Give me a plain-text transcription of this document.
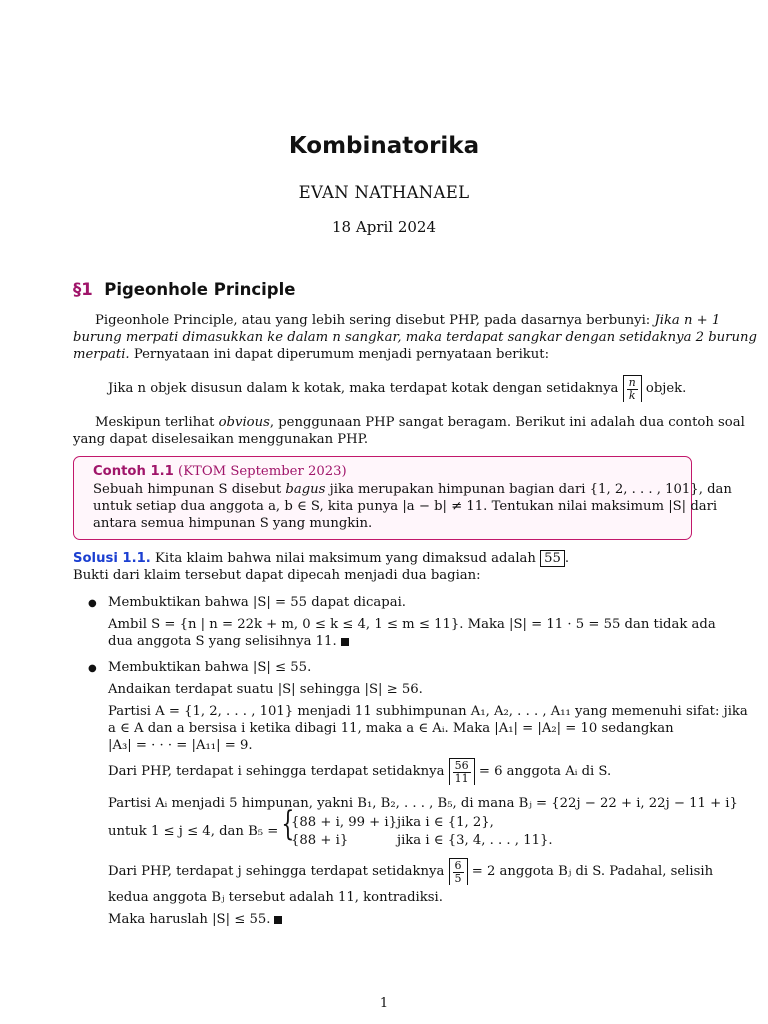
Kombinatorika
EVAN NATHANAEL
18 April 2024
§1 Pigeonhole Principle
Pigeonhole Principle, atau yang lebih sering disebut PHP, pada dasarnya berbunyi: Jika n + 1
burung merpati dimasukkan ke dalam n sangkar, maka terdapat sangkar dengan setidaknya 2 burung
merpati. Pernyataan ini dapat diperumum menjadi pernyataan berikut:
Jika n objek disusun dalam k kotak, maka terdapat kotak dengan setidaknya $\frac{n}{k}$ objek.
Meskipun terlihat obvious, penggunaan PHP sangat beragam. Berikut ini adalah dua contoh soal
yang dapat diselesaikan menggunakan PHP.
Contoh 1.1 (KTOM September 2023)
Sebuah himpunan S disebut bagus jika merupakan himpunan bagian dari {1, 2, . . . , 101}, dan
untuk setiap dua anggota a, b ∈ S, kita punya |a − b| ≠ 11. Tentukan nilai maksimum |S| dari
antara semua himpunan S yang mungkin.
Solusi 1.1. Kita klaim bahwa nilai maksimum yang dimaksud adalah 55 .
Bukti dari klaim tersebut dapat dipecah menjadi dua bagian:
● Membuktikan bahwa |S| = 55 dapat dicapai.
Ambil S = {n | n = 22k + m, 0 ≤ k ≤ 4, 1 ≤ m ≤ 11}. Maka |S| = 11 · 5 = 55 dan tidak ada
dua anggota S yang selisihnya 11.
● Membuktikan bahwa |S| ≤ 55.
Andaikan terdapat suatu |S| sehingga |S| ≥ 56.
Partisi A = {1, 2, . . . , 101} menjadi 11 subhimpunan A₁, A₂, . . . , A₁₁ yang memenuhi sifat: jika
a ∈ A dan a bersisa i ketika dibagi 11, maka a ∈ Aᵢ. Maka |A₁| = |A₂| = 10 sedangkan
|A₃| = · · · = |A₁₁| = 9.
Dari PHP, terdapat i sehingga terdapat setidaknya $\frac{56}{11} = 6$ anggota Aᵢ di S.
Partisi Aᵢ menjadi 5 himpunan, yakni B₁, B₂, . . . , B₅, di mana Bⱼ = {22j − 22 + i, 22j − 11 + i}
untuk 1 ≤ j ≤ 4, dan B₅ = {
{88 + i, 99 + i} jika i ∈ {1, 2},
{88 + i}	jika i ∈ {3, 4, . . . , 11}.
Dari PHP, terdapat j sehingga terdapat setidaknya $\frac{6}{5} = 2$ anggota Bⱼ di S. Padahal, selisih
kedua anggota Bⱼ tersebut adalah 11, kontradiksi.
Maka haruslah |S| ≤ 55.
1
